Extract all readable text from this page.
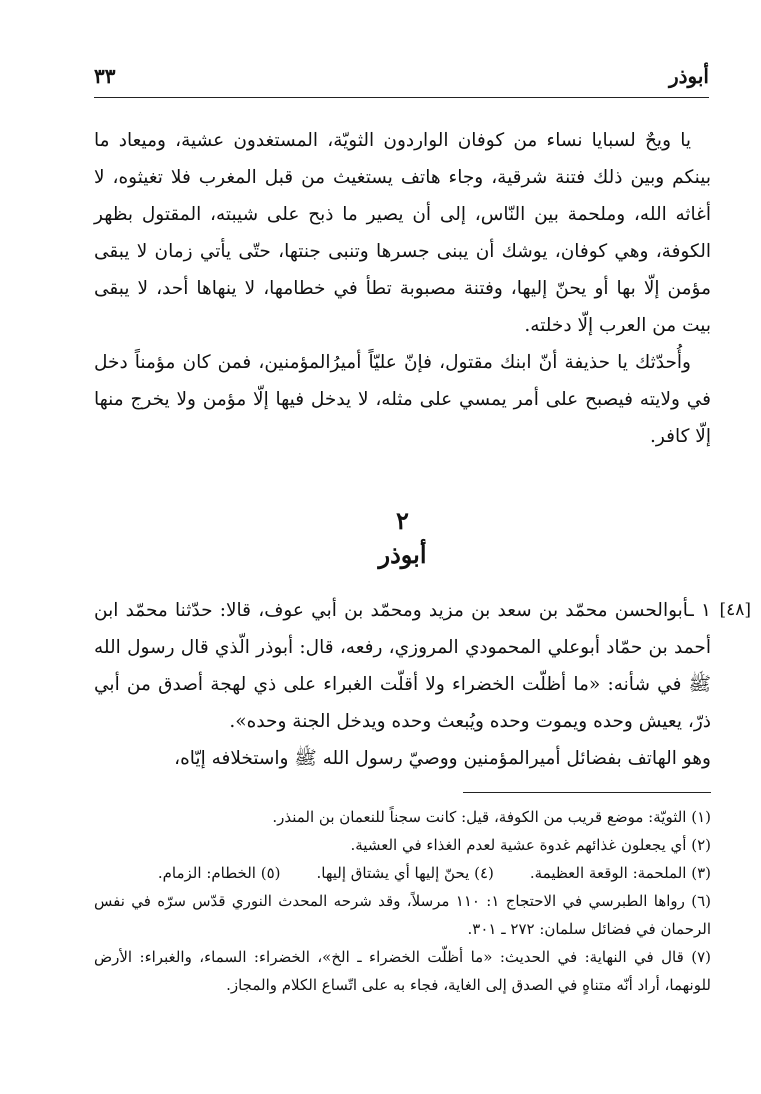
أبوذر
٣٣

يا ويحٌ لسبايا نساء من كوفان الواردون الثويّة، المستغدون عشية، وميعاد ما بينكم وبين ذلك فتنة شرقية، وجاء هاتف يستغيث من قبل المغرب فلا تغيثوه، لا أغاثه الله، وملحمة بين النّاس، إلى أن يصير ما ذبح على شيبته، المقتول بظهر الكوفة، وهي كوفان، يوشك أن يبنى جسرها وتنبى جنتها، حتّى يأتي زمان لا يبقى مؤمن إلّا بها أو يحنّ إليها، وفتنة مصبوبة تطأ في خطامها، لا ينهاها أحد، لا يبقى بيت من العرب إلّا دخلته.

وأُحدّثك يا حذيفة أنّ ابنك مقتول، فإنّ عليّاً أميرُالمؤمنين، فمن كان مؤمناً دخل في ولايته فيصبح على أمر يمسي على مثله، لا يدخل فيها إلّا مؤمن ولا يخرج منها إلّا كافر.

٢
أبوذر
[٤٨]

١ ـأبوالحسن محمّد بن سعد بن مزيد ومحمّد بن أبي عوف، قالا: حدّثنا محمّد ابن أحمد بن حمّاد أبوعلي المحمودي المروزي، رفعه، قال: أبوذر الّذي قال رسول الله ﷺ في شأنه: «ما أظلّت الخضراء ولا أقلّت الغبراء على ذي لهجة أصدق من أبي ذرّ، يعيش وحده ويموت وحده ويُبعث وحده ويدخل الجنة وحده».

وهو الهاتف بفضائل أميرالمؤمنين ووصيّ رسول الله ﷺ واستخلافه إيّاه،

(١) الثويّة: موضع قريب من الكوفة، قيل: كانت سجناً للنعمان بن المنذر.

(٢) أي يجعلون غذائهم غدوة عشية لعدم الغذاء في العشية.

(٣) الملحمة: الوقعة العظيمة.
(٤) يحنّ إليها أي يشتاق إليها.
(٥) الخطام: الزمام.

(٦) رواها الطبرسي في الاحتجاج ١: ١١٠ مرسلاً، وقد شرحه المحدث النوري قدّس سرّه في نفس الرحمان في فضائل سلمان: ٢٧٢ ـ ٣٠١.

(٧) قال في النهاية: في الحديث: «ما أظلّت الخضراء ـ الخ»، الخضراء: السماء، والغبراء: الأرض للونهما، أراد أنّه متناهٍ في الصدق إلى الغاية، فجاء به على اتّساع الكلام والمجاز.
